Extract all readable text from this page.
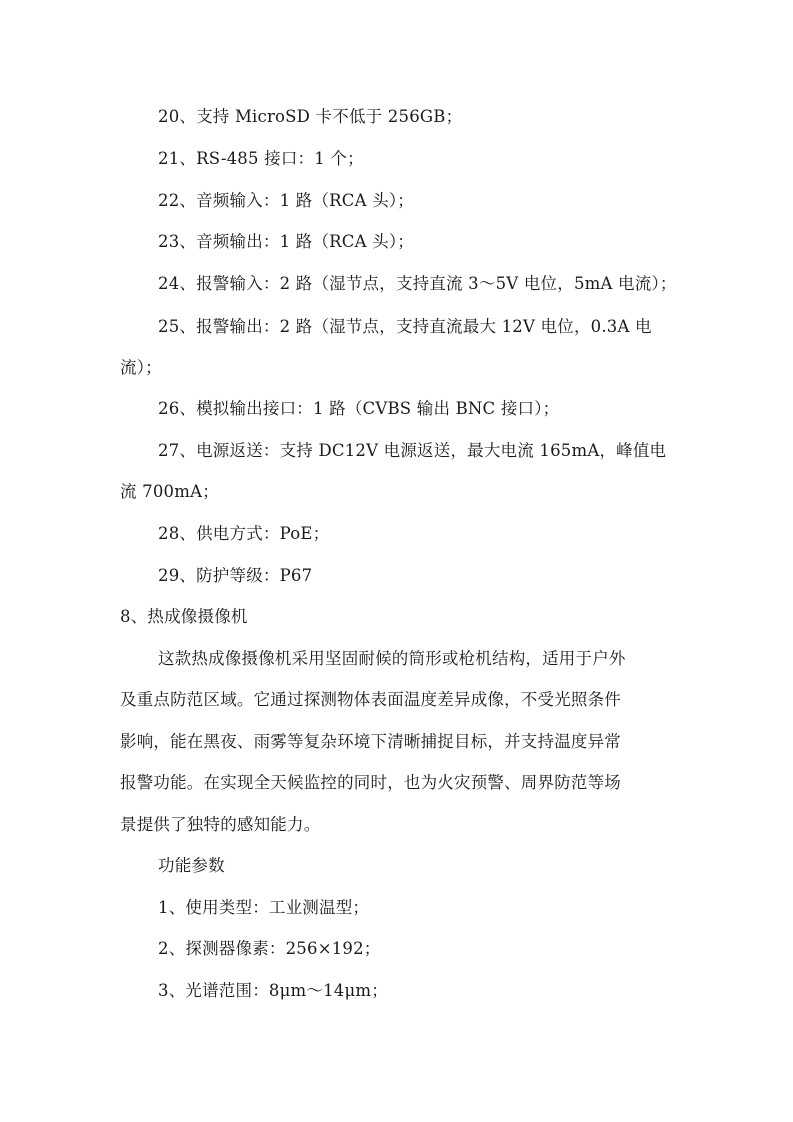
20、支持 MicroSD 卡不低于 256GB；
21、RS-485 接口：1 个；
22、音频输入：1 路（RCA 头）；
23、音频输出：1 路（RCA 头）；
24、报警输入：2 路（湿节点，支持直流 3～5V 电位，5mA 电流）；
25、报警输出：2 路（湿节点，支持直流最大 12V 电位，0.3A 电
流）；
26、模拟输出接口：1 路（CVBS 输出 BNC 接口）；
27、电源返送：支持 DC12V 电源返送，最大电流 165mA，峰值电
流 700mA；
28、供电方式：PoE；
29、防护等级：P67
8、热成像摄像机
这款热成像摄像机采用坚固耐候的筒形或枪机结构，适用于户外
及重点防范区域。它通过探测物体表面温度差异成像，不受光照条件
影响，能在黑夜、雨雾等复杂环境下清晰捕捉目标，并支持温度异常
报警功能。在实现全天候监控的同时，也为火灾预警、周界防范等场
景提供了独特的感知能力。
功能参数
1、使用类型：工业测温型；
2、探测器像素：256×192；
3、光谱范围：8μm～14μm；
